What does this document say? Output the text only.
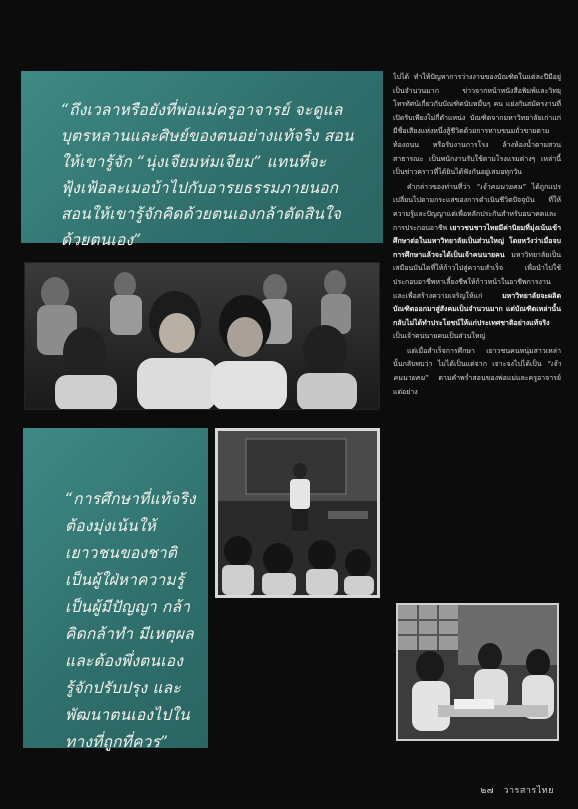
“ถึงเวลาหรือยังที่พ่อแม่ครูอาจารย์ จะดูแลบุตรหลานและศิษย์ของตนอย่างแท้จริง สอนให้เขารู้จัก “นุ่งเจียมห่มเจียม” แทนที่จะฟุ้งเฟ้อละเมอบ้าไปกับอารยธรรมภายนอก สอนให้เขารู้จักคิดด้วยตนเองกล้าตัดสินใจด้วยตนเอง”

ไปได้ ทำให้ปัญหาการว่างงานของบัณฑิตในแต่ละปีมีอยู่เป็นจำนวนมาก ข่าวจากหน้าหนังสือพิมพ์และวิทยุโทรทัศน์เกี่ยวกับบัณฑิตนับหมื่นๆ คน แย่งกันสมัครงานที่เปิดรับเพียงไม่กี่ตำแหน่ง บัณฑิตจากมหาวิทยาลัยเก่าแก่มีชื่อเสียงแห่งหนึ่งสู้ชีวิตด้วยการหาบขนมถั่วขายตามท้องถนน หรือรับงานการโรง ล้างห้องน้ำตามสวนสาธารณะ เป็นพนักงานรับใช้ตามโรงแรมต่างๆ เหล่านี้เป็นข่าวคราวที่ได้ยินได้ฟังกันอยู่เสมอทุกวัน

คำกล่าวของท่านที่ว่า “เจ้าคนนายคน” ได้ถูกแปรเปลี่ยนไปตามกระแสของการดำเนินชีวิตปัจจุบัน ที่ให้ความรู้และปัญญาแต่เพื่อหลักประกันสำหรับอนาคตและการประกอบอาชีพ เยาวชนชาวไทยมีค่านิยมที่มุ่งเน้นเข้าศึกษาต่อในมหาวิทยาลัยเป็นส่วนใหญ่ โดยหวังว่าเมื่อจบการศึกษาแล้วจะได้เป็นเจ้าคนนายคน มหาวิทยาลัยเป็นเสมือนบันไดที่ให้ก้าวไปสู่ความสำเร็จ เพื่อนำไปใช้ประกอบอาชีพหาเลี้ยงชีพให้ก้าวหน้าในอาชีพการงาน และเพื่อสร้างความเจริญให้แก่	มหาวิทยาลัยจะผลิตบัณฑิตออกมาสู่สังคมเป็นจำนวนมาก แต่บัณฑิตเหล่านั้นกลับไม่ได้ทำประโยชน์ให้แก่ประเทศชาติอย่างแท้จริง เป็นเจ้าคนนายคนเป็นส่วนใหญ่

แต่เมื่อสำเร็จการศึกษา เยาวชนคนหนุ่มสาวเหล่านั้นกลับพบว่า ไม่ได้เป็นแต่จาก เจาะจงไปได้เป็น “เจ้าคนนายคน” ตามคำพร่ำสอนของพ่อแม่และครูอาจารย์แต่อย่าง

“การศึกษาที่แท้จริงต้องมุ่งเน้นให้เยาวชนของชาติเป็นผู้ใฝ่หาความรู้ เป็นผู้มีปัญญา กล้าคิดกล้าทำ มีเหตุผล และต้องพึ่งตนเอง รู้จักปรับปรุง และพัฒนาตนเองไปในทางที่ถูกที่ควร”

๒๗ วารสารไทย
